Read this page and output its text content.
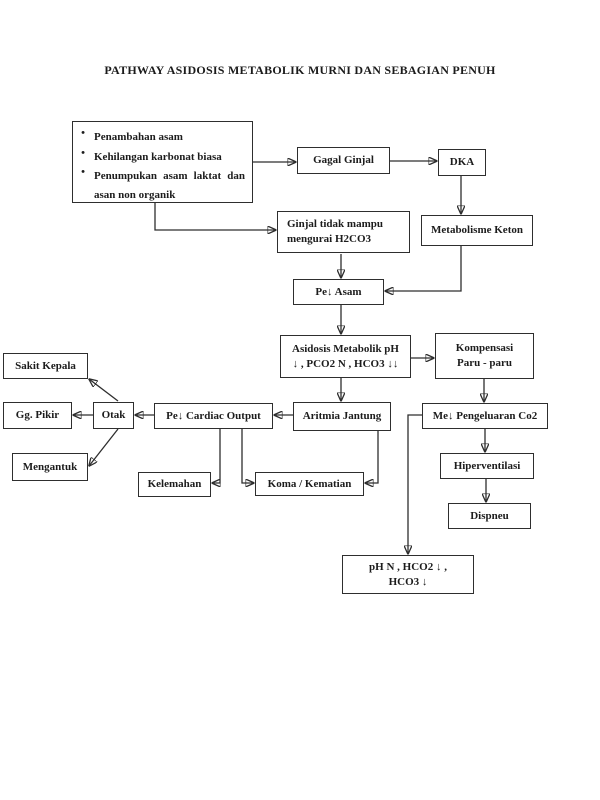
PATHWAY ASIDOSIS METABOLIK MURNI DAN SEBAGIAN PENUH
•
Penambahan asam
•
Kehilangan karbonat biasa
•
Penumpukan asam laktat dan asan non organik
Gagal Ginjal	DKA
Ginjal tidak mampu
mengurai H2CO3
Metabolisme Keton
Pe↓ Asam
Asidosis Metabolik pH
↓ , PCO2 N , HCO3 ↓↓
Kompensasi
Paru - paru
Sakit Kepala
Gg. Pikir	Otak	Pe↓ Cardiac Output	Aritmia Jantung	Me↓ Pengeluaran Co2
Mengantuk
Kelemahan	Koma / Kematian
Hiperventilasi
Dispneu
pH N , HCO2 ↓ ,
HCO3 ↓
